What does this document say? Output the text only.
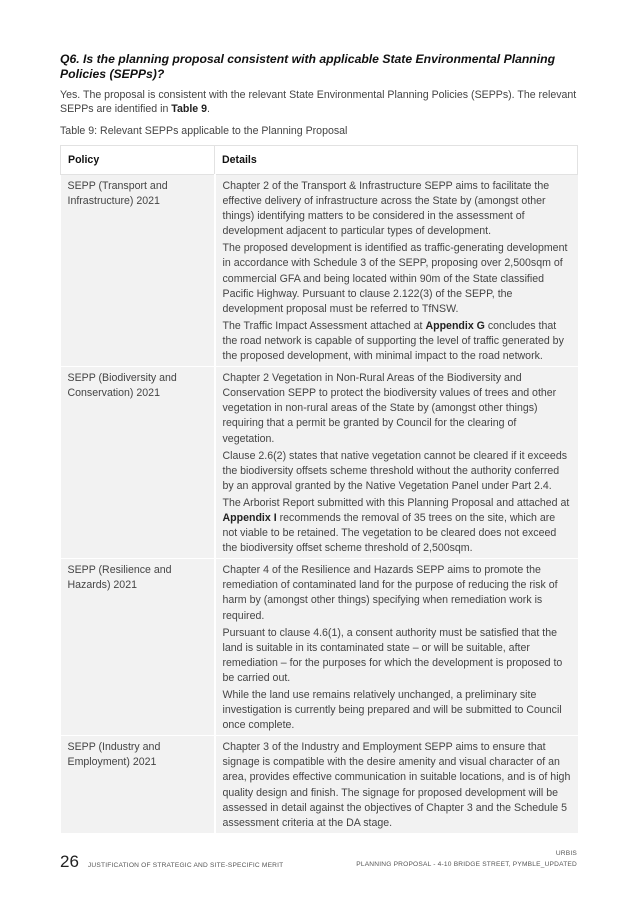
Q6. Is the planning proposal consistent with applicable State Environmental Planning Policies (SEPPs)?

Yes. The proposal is consistent with the relevant State Environmental Planning Policies (SEPPs). The relevant SEPPs are identified in Table 9.

Table 9: Relevant SEPPs applicable to the Planning Proposal

Policy	Details
SEPP (Transport and Infrastructure) 2021	Chapter 2 of the Transport & Infrastructure SEPP aims to facilitate the effective delivery of infrastructure across the State by (amongst other things) identifying matters to be considered in the assessment of development adjacent to particular types of development.

The proposed development is identified as traffic-generating development in accordance with Schedule 3 of the SEPP, proposing over 2,500sqm of commercial GFA and being located within 90m of the State classified Pacific Highway. Pursuant to clause 2.122(3) of the SEPP, the development proposal must be referred to TfNSW.

The Traffic Impact Assessment attached at Appendix G concludes that the road network is capable of supporting the level of traffic generated by the proposed development, with minimal impact to the road network.

SEPP (Biodiversity and Conservation) 2021	Chapter 2 Vegetation in Non-Rural Areas of the Biodiversity and Conservation SEPP to protect the biodiversity values of trees and other vegetation in non-rural areas of the State by (amongst other things) requiring that a permit be granted by Council for the clearing of vegetation.

Clause 2.6(2) states that native vegetation cannot be cleared if it exceeds the biodiversity offsets scheme threshold without the authority conferred by an approval granted by the Native Vegetation Panel under Part 2.4.

The Arborist Report submitted with this Planning Proposal and attached at Appendix I recommends the removal of 35 trees on the site, which are not viable to be retained. The vegetation to be cleared does not exceed the biodiversity offset scheme threshold of 2,500sqm.

SEPP (Resilience and Hazards) 2021	Chapter 4 of the Resilience and Hazards SEPP aims to promote the remediation of contaminated land for the purpose of reducing the risk of harm by (amongst other things) specifying when remediation work is required.

Pursuant to clause 4.6(1), a consent authority must be satisfied that the land is suitable in its contaminated state – or will be suitable, after remediation – for the purposes for which the development is proposed to be carried out.

While the land use remains relatively unchanged, a preliminary site investigation is currently being prepared and will be submitted to Council once complete.

SEPP (Industry and Employment) 2021	Chapter 3 of the Industry and Employment SEPP aims to ensure that signage is compatible with the desire amenity and visual character of an area, provides effective communication in suitable locations, and is of high quality design and finish. The signage for proposed development will be assessed in detail against the objectives of Chapter 3 and the Schedule 5 assessment criteria at the DA stage.

26 JUSTIFICATION OF STRATEGIC AND SITE-SPECIFIC MERIT
URBIS
PLANNING PROPOSAL - 4-10 BRIDGE STREET, PYMBLE_UPDATED
